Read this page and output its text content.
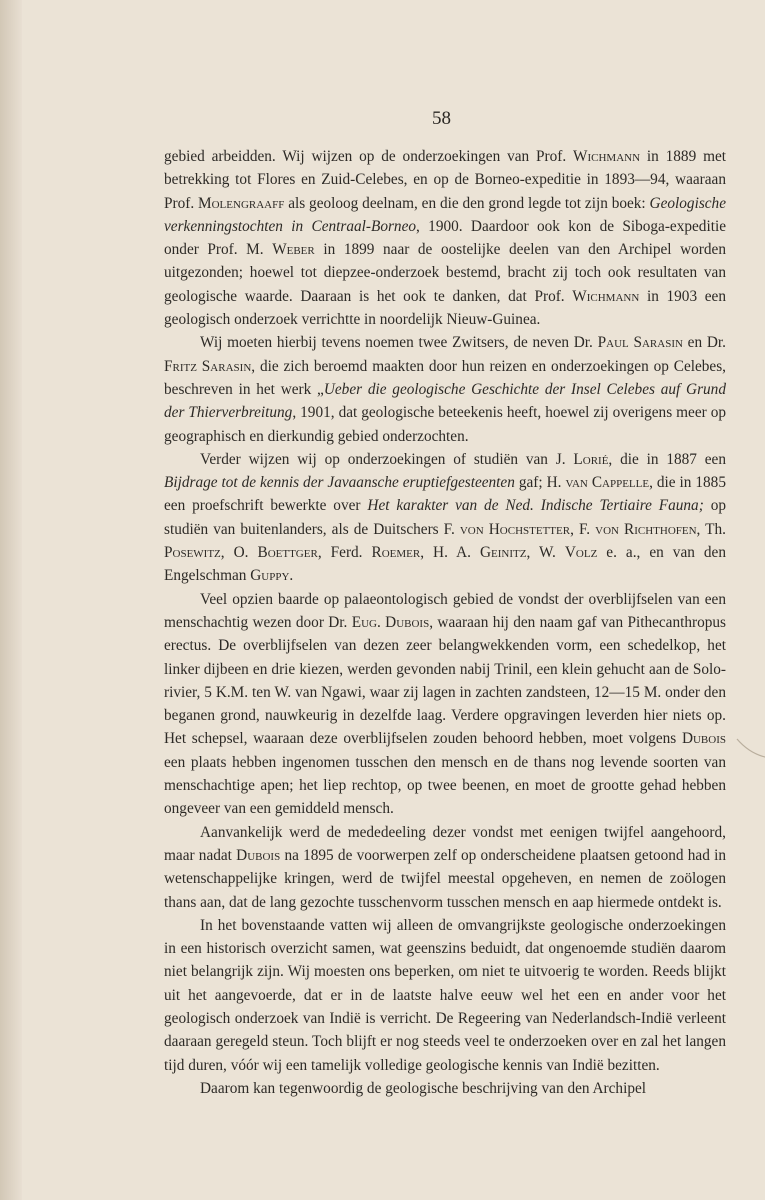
58

gebied arbeidden. Wij wijzen op de onderzoekingen van Prof. Wichmann in 1889 met betrekking tot Flores en Zuid-Celebes, en op de Borneo-expeditie in 1893—94, waaraan Prof. Molengraaff als geoloog deelnam, en die den grond legde tot zijn boek: Geologische verkenningstochten in Centraal-Borneo, 1900. Daardoor ook kon de Siboga-expeditie onder Prof. M. Weber in 1899 naar de oostelijke deelen van den Archipel worden uitgezonden; hoewel tot diepzee-onderzoek bestemd, bracht zij toch ook resultaten van geologische waarde. Daaraan is het ook te danken, dat Prof. Wichmann in 1903 een geologisch onderzoek verrichtte in noordelijk Nieuw-Guinea.

Wij moeten hierbij tevens noemen twee Zwitsers, de neven Dr. Paul Sarasin en Dr. Fritz Sarasin, die zich beroemd maakten door hun reizen en onderzoekingen op Celebes, beschreven in het werk „Ueber die geologische Geschichte der Insel Celebes auf Grund der Thierverbreitung, 1901, dat geologische beteekenis heeft, hoewel zij overigens meer op geographisch en dierkundig gebied onderzochten.

Verder wijzen wij op onderzoekingen of studiën van J. Lorié, die in 1887 een Bijdrage tot de kennis der Javaansche eruptiefgesteenten gaf; H. van Cappelle, die in 1885 een proefschrift bewerkte over Het karakter van de Ned. Indische Tertiaire Fauna; op studiën van buitenlanders, als de Duitschers F. von Hochstetter, F. von Richthofen, Th. Posewitz, O. Boettger, Ferd. Roemer, H. A. Geinitz, W. Volz e. a., en van den Engelschman Guppy.

Veel opzien baarde op palaeontologisch gebied de vondst der overblijfselen van een menschachtig wezen door Dr. Eug. Dubois, waaraan hij den naam gaf van Pithecanthropus erectus. De overblijfselen van dezen zeer belangwekkenden vorm, een schedelkop, het linker dijbeen en drie kiezen, werden gevonden nabij Trinil, een klein gehucht aan de Solo-rivier, 5 K.M. ten W. van Ngawi, waar zij lagen in zachten zandsteen, 12—15 M. onder den beganen grond, nauwkeurig in dezelfde laag. Verdere opgravingen leverden hier niets op. Het schepsel, waaraan deze overblijfselen zouden behoord hebben, moet volgens Dubois een plaats hebben ingenomen tusschen den mensch en de thans nog levende soorten van menschachtige apen; het liep rechtop, op twee beenen, en moet de grootte gehad hebben ongeveer van een gemiddeld mensch.

Aanvankelijk werd de mededeeling dezer vondst met eenigen twijfel aangehoord, maar nadat Dubois na 1895 de voorwerpen zelf op onderscheidene plaatsen getoond had in wetenschappelijke kringen, werd de twijfel meestal opgeheven, en nemen de zoölogen thans aan, dat de lang gezochte tusschenvorm tusschen mensch en aap hiermede ontdekt is.

In het bovenstaande vatten wij alleen de omvangrijkste geologische onderzoekingen in een historisch overzicht samen, wat geenszins beduidt, dat ongenoemde studiën daarom niet belangrijk zijn. Wij moesten ons beperken, om niet te uitvoerig te worden. Reeds blijkt uit het aangevoerde, dat er in de laatste halve eeuw wel het een en ander voor het geologisch onderzoek van Indië is verricht. De Regeering van Nederlandsch-Indië verleent daaraan geregeld steun. Toch blijft er nog steeds veel te onderzoeken over en zal het langen tijd duren, vóór wij een tamelijk volledige geologische kennis van Indië bezitten.

Daarom kan tegenwoordig de geologische beschrijving van den Archipel
